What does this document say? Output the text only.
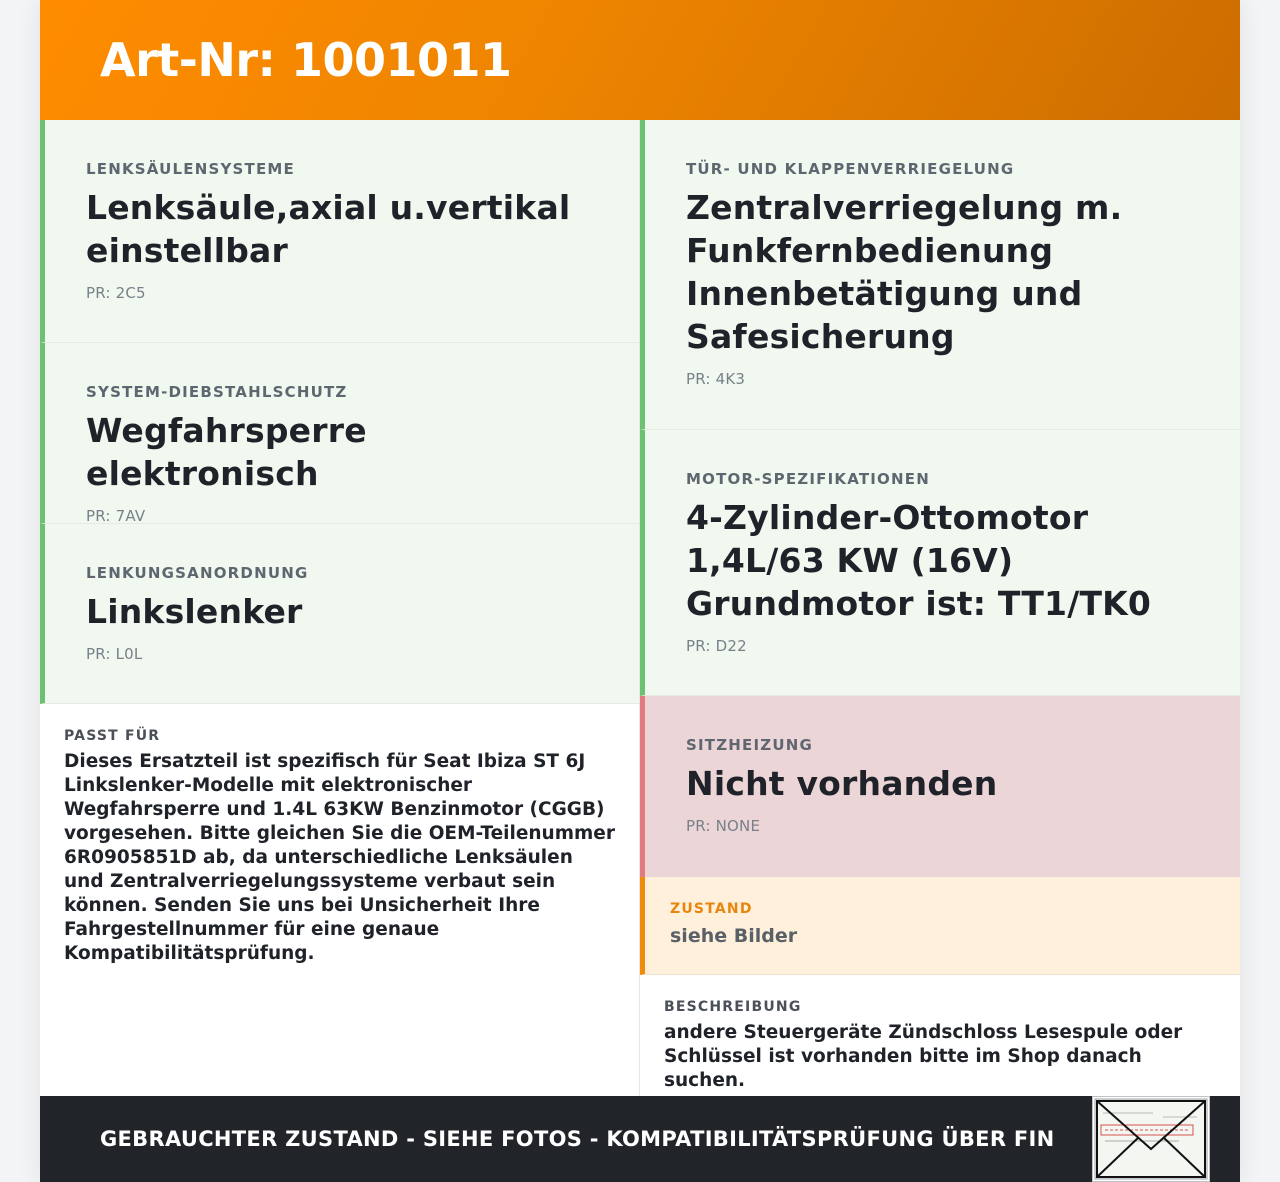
Art-Nr: 1001011
LENKSÄULENSYSTEME
Lenksäule,axial u.vertikal einstellbar
PR: 2C5
SYSTEM-DIEBSTAHLSCHUTZ
Wegfahrsperre elektronisch
PR: 7AV
LENKUNGSANORDNUNG
Linkslenker
PR: L0L
PASST FÜR
Dieses Ersatzteil ist spezifisch für Seat Ibiza ST 6J Linkslenker-Modelle mit elektronischer Wegfahrsperre und 1.4L 63KW Benzinmotor (CGGB) vorgesehen. Bitte gleichen Sie die OEM-Teilenummer 6R0905851D ab, da unterschiedliche Lenksäulen und Zentralverriegelungssysteme verbaut sein können. Senden Sie uns bei Unsicherheit Ihre Fahrgestellnummer für eine genaue Kompatibilitätsprüfung.
TÜR- UND KLAPPENVERRIEGELUNG
Zentralverriegelung m. Funkfernbedienung Innenbetätigung und Safesicherung
PR: 4K3
MOTOR-SPEZIFIKATIONEN
4-Zylinder-Ottomotor 1,4L/63 KW (16V) Grundmotor ist: TT1/TK0
PR: D22
SITZHEIZUNG
Nicht vorhanden
PR: NONE
ZUSTAND
siehe Bilder
BESCHREIBUNG
andere Steuergeräte Zündschloss Lesespule oder Schlüssel ist vorhanden bitte im Shop danach suchen.
GEBRAUCHTER ZUSTAND - SIEHE FOTOS - KOMPATIBILITÄTSPRÜFUNG ÜBER FIN
